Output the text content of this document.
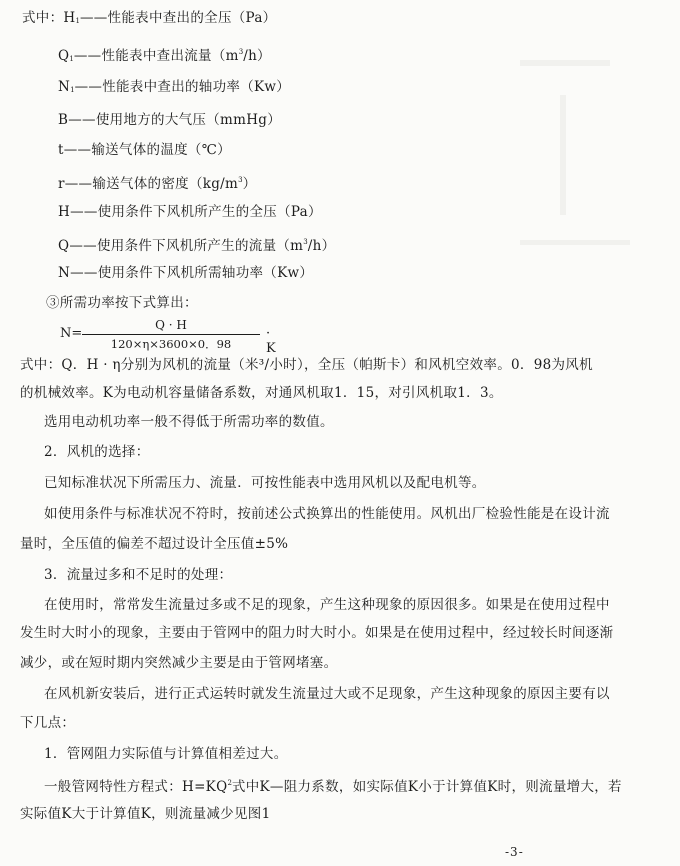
式中：H1——性能表中查出的全压（Pa）
Q1——性能表中查出流量$(m^3/h)$
N1——性能表中查出的轴功率（Kw）
B——使用地方的大气压（mmHg）
t——输送气体的温度（℃）
r——输送气体的密度$(kg/m^3)$
H——使用条件下风机所产生的全压（Pa）
Q——使用条件下风机所产生的流量$(m^3/h)$
N——使用条件下风机所需轴功率（Kw）
③所需功率按下式算出：
N=
Q · H
120×η×3600×0．98
· K
式中：Q．H · η分别为风机的流量（米³/小时），全压（帕斯卡）和风机空效率。0．98为风机
的机械效率。K为电动机容量储备系数，对通风机取1．15，对引风机取1．3。
选用电动机功率一般不得低于所需功率的数值。
2．风机的选择：
已知标准状况下所需压力、流量．可按性能表中选用风机以及配电机等。
如使用条件与标准状况不符时，按前述公式换算出的性能使用。风机出厂检验性能是在设计流
量时，全压值的偏差不超过设计全压值±5%
3．流量过多和不足时的处理：
在使用时，常常发生流量过多或不足的现象，产生这种现象的原因很多。如果是在使用过程中
发生时大时小的现象，主要由于管网中的阻力时大时小。如果是在使用过程中，经过较长时间逐渐
减少，或在短时期内突然减少主要是由于管网堵塞。
在风机新安装后，进行正式运转时就发生流量过大或不足现象，产生这种现象的原因主要有以
下几点：
1．管网阻力实际值与计算值相差过大。
一般管网特性方程式：$H=KQ^2$式中K—阻力系数，如实际值K小于计算值K时，则流量增大，若
实际值K大于计算值K，则流量减少见图1
-3-
